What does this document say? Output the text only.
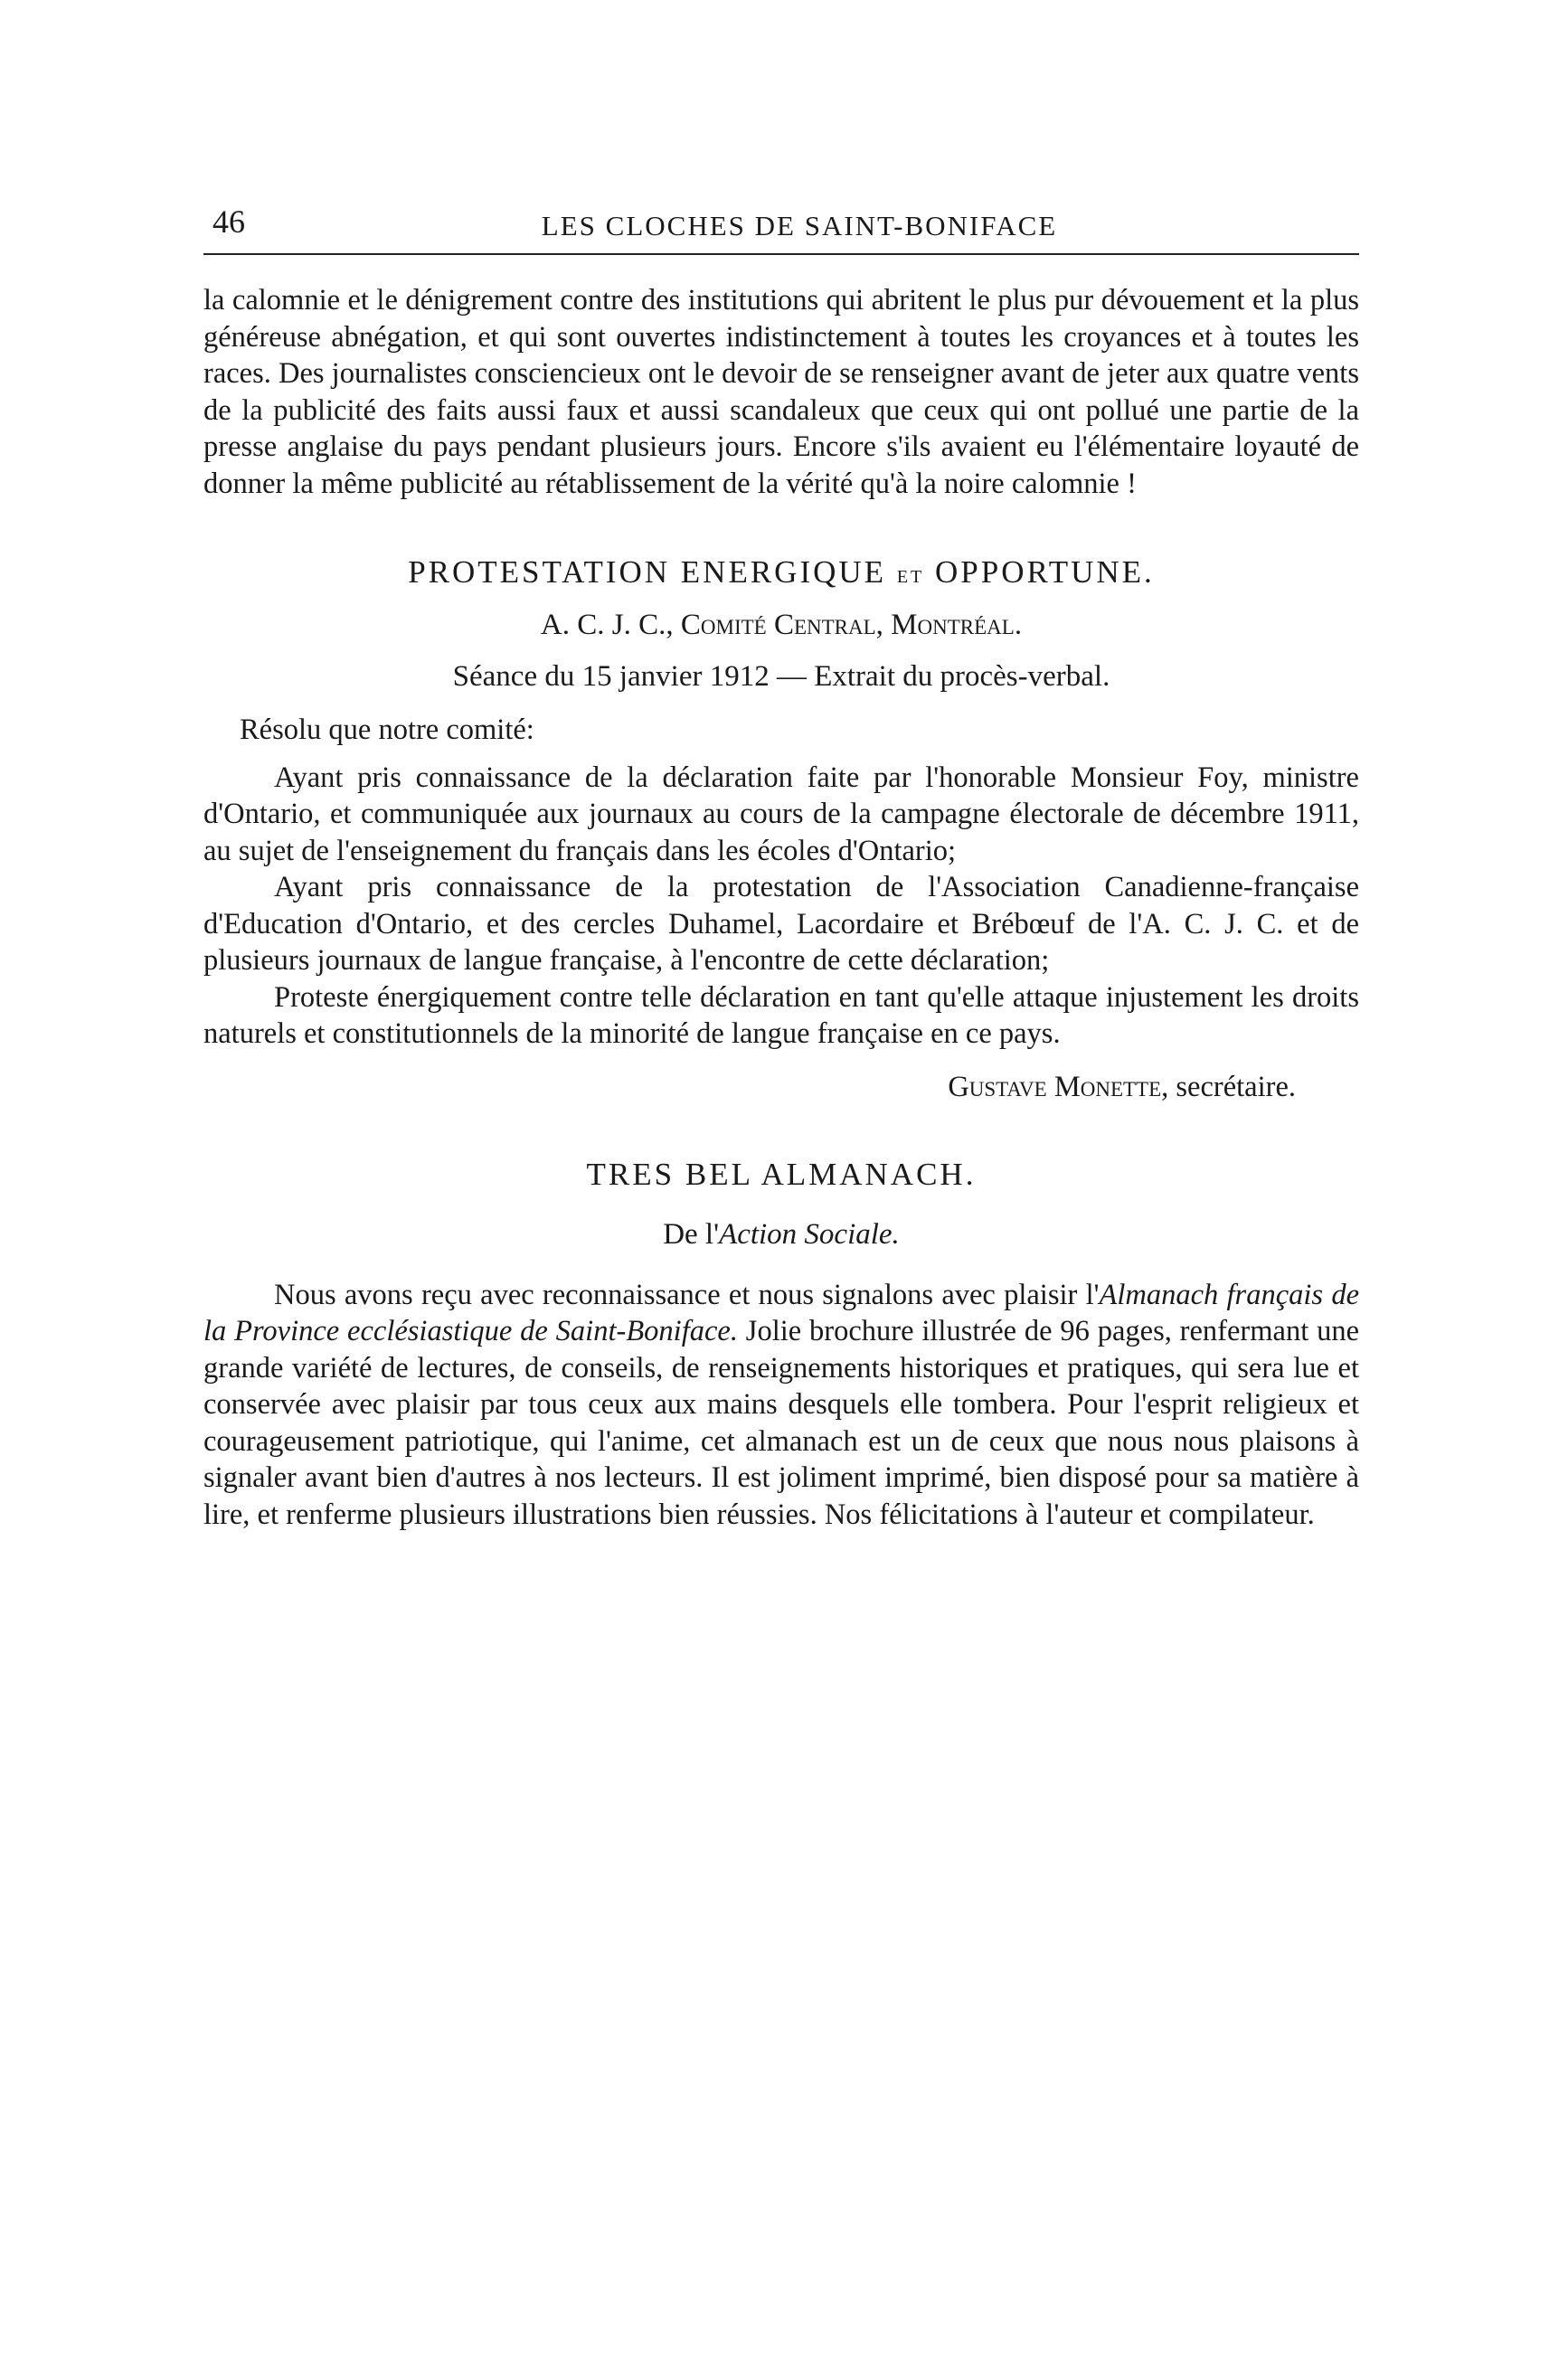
46	LES CLOCHES DE SAINT-BONIFACE

la calomnie et le dénigrement contre des institutions qui abritent le plus pur dévouement et la plus généreuse abnégation, et qui sont ouvertes indistinctement à toutes les croyances et à toutes les races. Des journalistes consciencieux ont le devoir de se renseigner avant de jeter aux quatre vents de la publicité des faits aussi faux et aussi scandaleux que ceux qui ont pollué une partie de la presse anglaise du pays pendant plusieurs jours. Encore s'ils avaient eu l'élémentaire loyauté de donner la même publicité au rétablissement de la vérité qu'à la noire calomnie !

PROTESTATION ENERGIQUE et OPPORTUNE.

A. C. J. C., Comité Central, Montréal.

Séance du 15 janvier 1912 — Extrait du procès-verbal.

Résolu que notre comité:

Ayant pris connaissance de la déclaration faite par l'honorable Monsieur Foy, ministre d'Ontario, et communiquée aux journaux au cours de la campagne électorale de décembre 1911, au sujet de l'enseignement du français dans les écoles d'Ontario;

Ayant pris connaissance de la protestation de l'Association Canadienne-française d'Education d'Ontario, et des cercles Duhamel, Lacordaire et Brébœuf de l'A. C. J. C. et de plusieurs journaux de langue française, à l'encontre de cette déclaration;

Proteste énergiquement contre telle déclaration en tant qu'elle attaque injustement les droits naturels et constitutionnels de la minorité de langue française en ce pays.

Gustave Monette, secrétaire.

TRES BEL ALMANACH.

De l'Action Sociale.

Nous avons reçu avec reconnaissance et nous signalons avec plaisir l'Almanach français de la Province ecclésiastique de Saint-Boniface. Jolie brochure illustrée de 96 pages, renfermant une grande variété de lectures, de conseils, de renseignements historiques et pratiques, qui sera lue et conservée avec plaisir par tous ceux aux mains desquels elle tombera. Pour l'esprit religieux et courageusement patriotique, qui l'anime, cet almanach est un de ceux que nous nous plaisons à signaler avant bien d'autres à nos lecteurs. Il est joliment imprimé, bien disposé pour sa matière à lire, et renferme plusieurs illustrations bien réussies. Nos félicitations à l'auteur et compilateur.
